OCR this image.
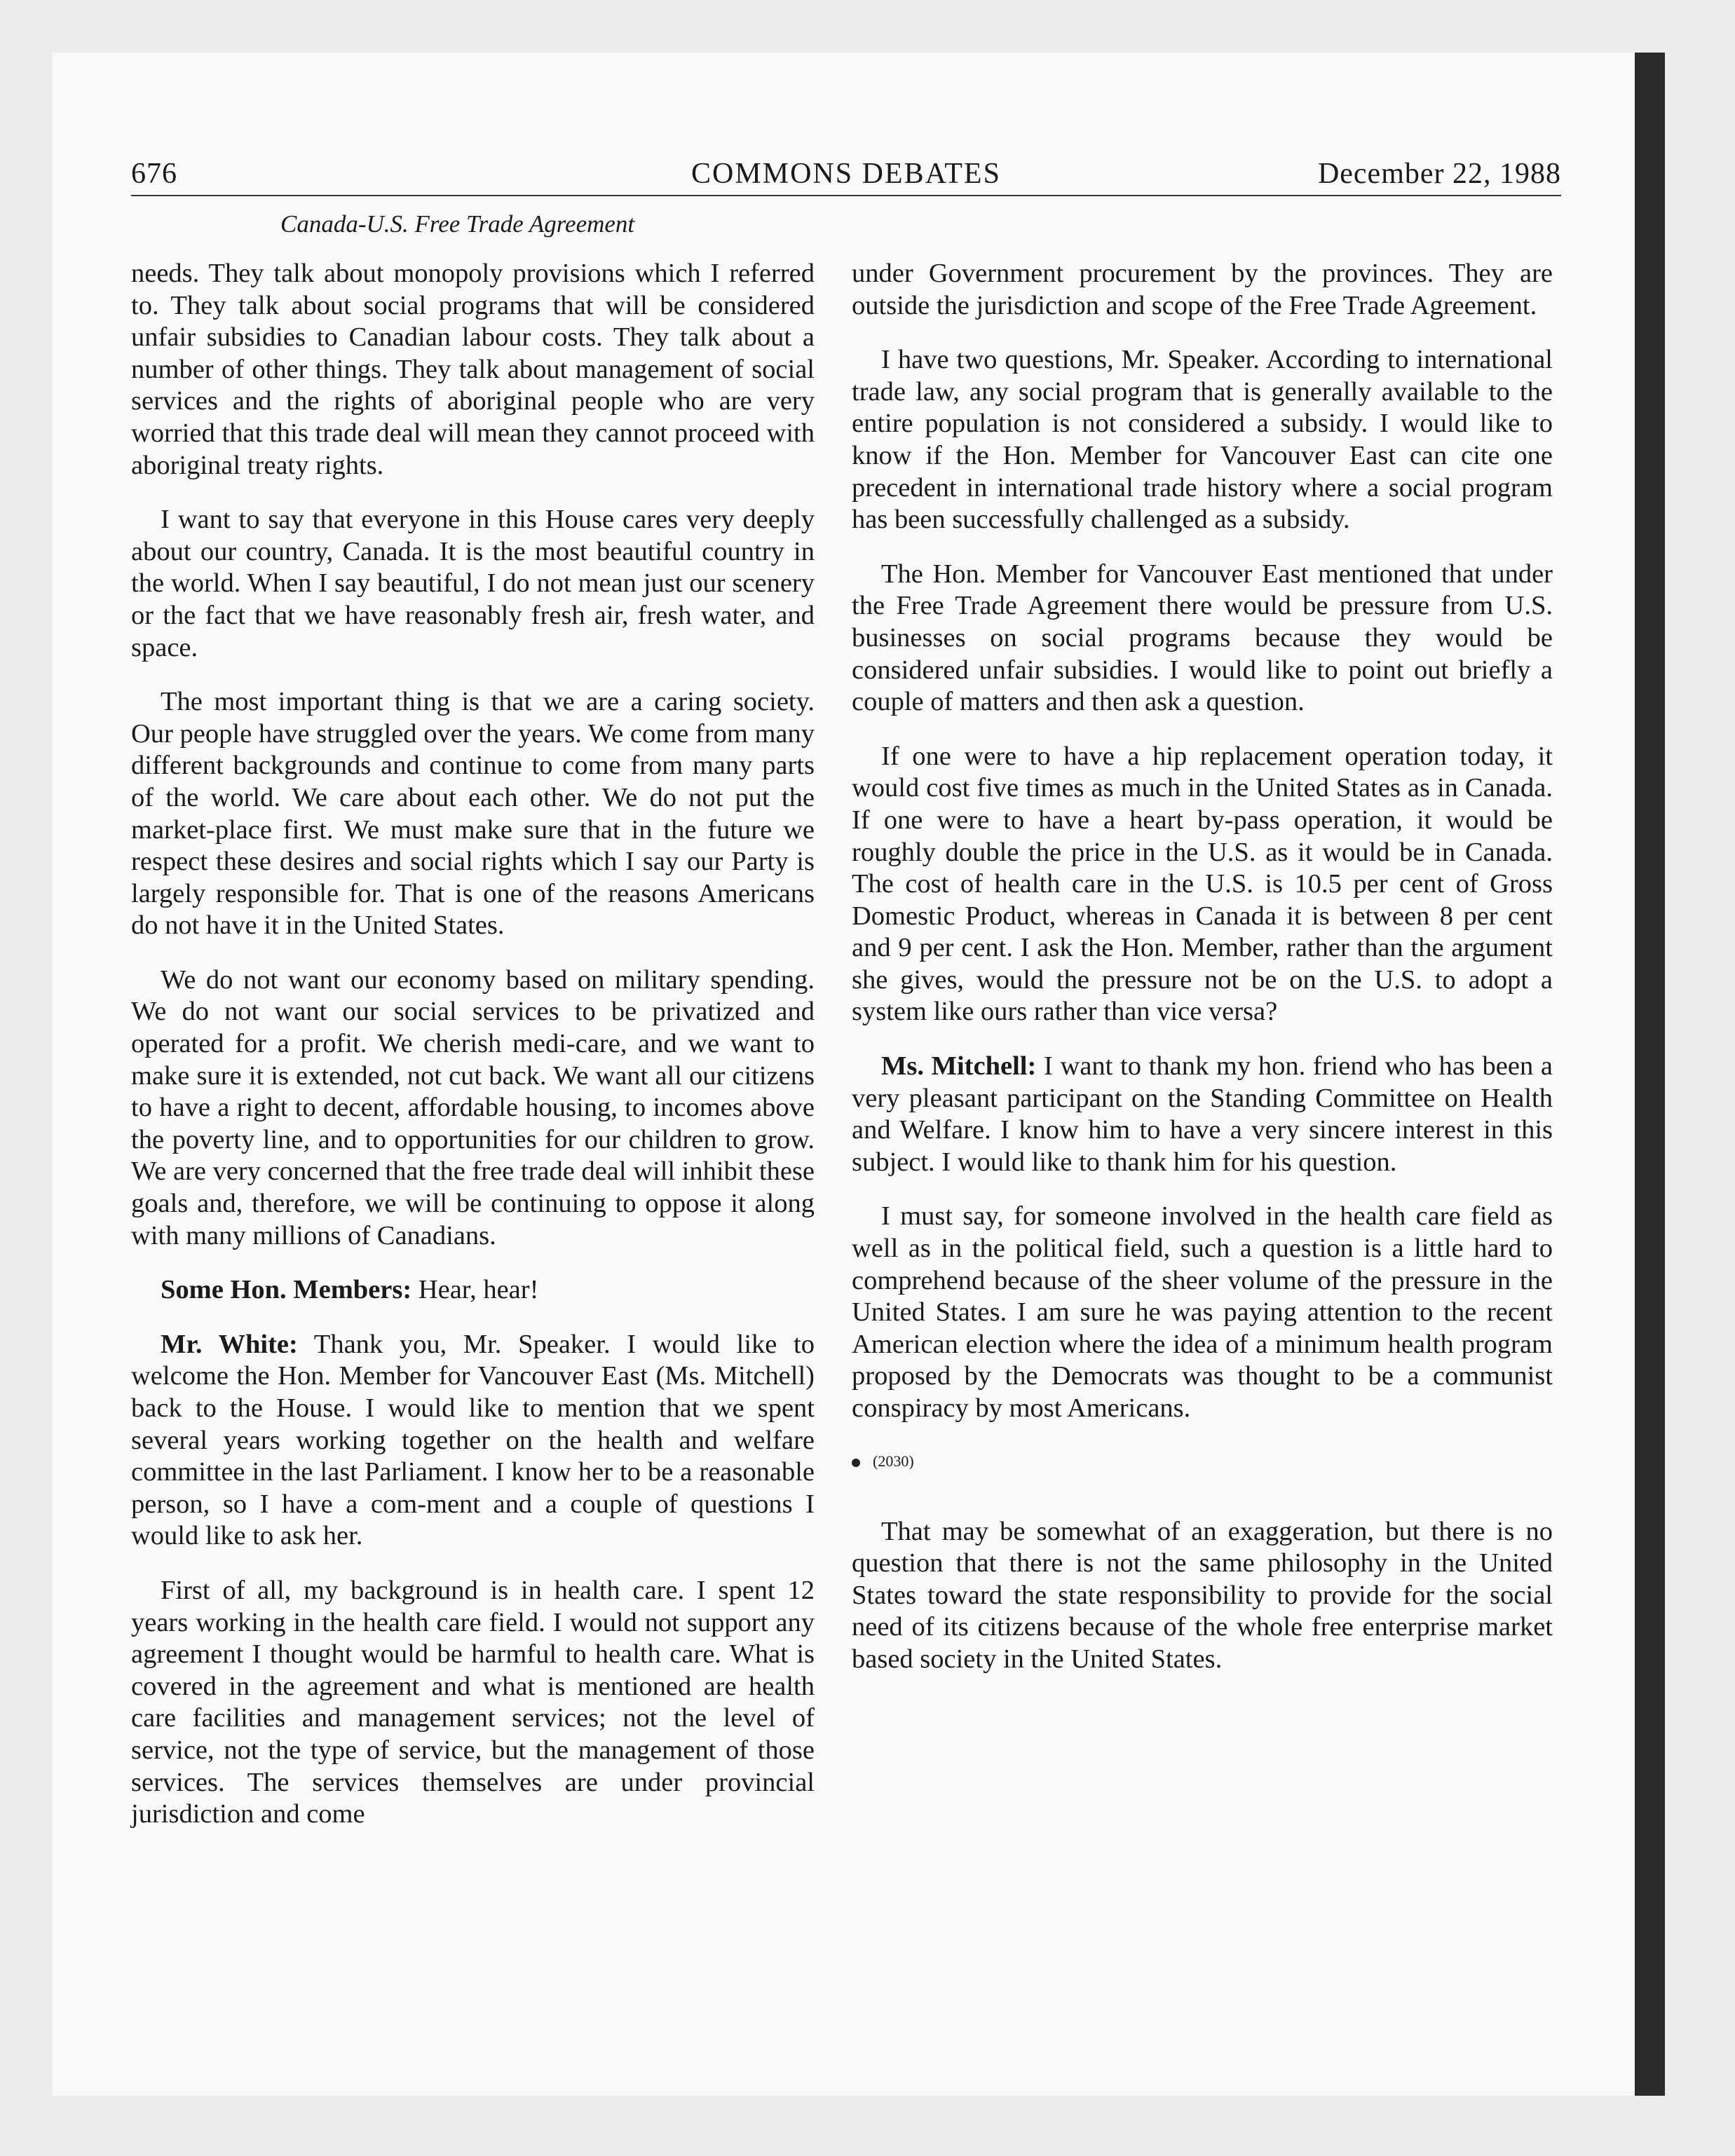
676	COMMONS DEBATES	December 22, 1988
Canada-U.S. Free Trade Agreement

needs. They talk about monopoly provisions which I referred to. They talk about social programs that will be considered unfair subsidies to Canadian labour costs. They talk about a number of other things. They talk about management of social services and the rights of aboriginal people who are very worried that this trade deal will mean they cannot proceed with aboriginal treaty rights.

I want to say that everyone in this House cares very deeply about our country, Canada. It is the most beautiful country in the world. When I say beautiful, I do not mean just our scenery or the fact that we have reasonably fresh air, fresh water, and space.

The most important thing is that we are a caring society. Our people have struggled over the years. We come from many different backgrounds and continue to come from many parts of the world. We care about each other. We do not put the market-place first. We must make sure that in the future we respect these desires and social rights which I say our Party is largely responsible for. That is one of the reasons Americans do not have it in the United States.

We do not want our economy based on military spending. We do not want our social services to be privatized and operated for a profit. We cherish medi-care, and we want to make sure it is extended, not cut back. We want all our citizens to have a right to decent, affordable housing, to incomes above the poverty line, and to opportunities for our children to grow. We are very concerned that the free trade deal will inhibit these goals and, therefore, we will be continuing to oppose it along with many millions of Canadians.

Some Hon. Members: Hear, hear!

Mr. White: Thank you, Mr. Speaker. I would like to welcome the Hon. Member for Vancouver East (Ms. Mitchell) back to the House. I would like to mention that we spent several years working together on the health and welfare committee in the last Parliament. I know her to be a reasonable person, so I have a com-ment and a couple of questions I would like to ask her.

First of all, my background is in health care. I spent 12 years working in the health care field. I would not support any agreement I thought would be harmful to health care. What is covered in the agreement and what is mentioned are health care facilities and management services; not the level of service, not the type of service, but the management of those services. The services themselves are under provincial jurisdiction and come

under Government procurement by the provinces. They are outside the jurisdiction and scope of the Free Trade Agreement.

I have two questions, Mr. Speaker. According to international trade law, any social program that is generally available to the entire population is not considered a subsidy. I would like to know if the Hon. Member for Vancouver East can cite one precedent in international trade history where a social program has been successfully challenged as a subsidy.

The Hon. Member for Vancouver East mentioned that under the Free Trade Agreement there would be pressure from U.S. businesses on social programs because they would be considered unfair subsidies. I would like to point out briefly a couple of matters and then ask a question.

If one were to have a hip replacement operation today, it would cost five times as much in the United States as in Canada. If one were to have a heart by-pass operation, it would be roughly double the price in the U.S. as it would be in Canada. The cost of health care in the U.S. is 10.5 per cent of Gross Domestic Product, whereas in Canada it is between 8 per cent and 9 per cent. I ask the Hon. Member, rather than the argument she gives, would the pressure not be on the U.S. to adopt a system like ours rather than vice versa?

Ms. Mitchell: I want to thank my hon. friend who has been a very pleasant participant on the Standing Committee on Health and Welfare. I know him to have a very sincere interest in this subject. I would like to thank him for his question.

I must say, for someone involved in the health care field as well as in the political field, such a question is a little hard to comprehend because of the sheer volume of the pressure in the United States. I am sure he was paying attention to the recent American election where the idea of a minimum health program proposed by the Democrats was thought to be a communist conspiracy by most Americans.

(2030)

That may be somewhat of an exaggeration, but there is no question that there is not the same philosophy in the United States toward the state responsibility to provide for the social need of its citizens because of the whole free enterprise market based society in the United States.
